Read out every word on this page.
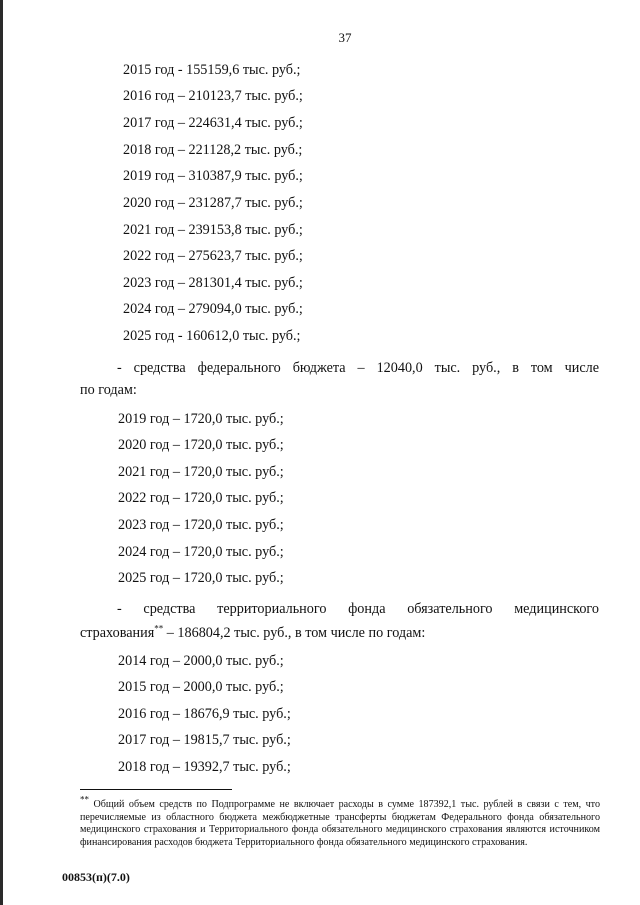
37
2015 год - 155159,6 тыс. руб.;
2016 год – 210123,7 тыс. руб.;
2017 год – 224631,4 тыс. руб.;
2018 год – 221128,2 тыс. руб.;
2019 год – 310387,9 тыс. руб.;
2020 год – 231287,7 тыс. руб.;
2021 год – 239153,8 тыс. руб.;
2022 год – 275623,7 тыс. руб.;
2023 год – 281301,4 тыс. руб.;
2024 год – 279094,0 тыс. руб.;
2025 год - 160612,0 тыс. руб.;
- средства федерального бюджета – 12040,0 тыс. руб., в том числе
по годам:
2019 год – 1720,0 тыс. руб.;
2020 год – 1720,0 тыс. руб.;
2021 год – 1720,0 тыс. руб.;
2022 год – 1720,0 тыс. руб.;
2023 год – 1720,0 тыс. руб.;
2024 год – 1720,0 тыс. руб.;
2025 год – 1720,0 тыс. руб.;
- средства территориального фонда обязательного медицинского
страхования** – 186804,2 тыс. руб., в том числе по годам:
2014 год – 2000,0 тыс. руб.;
2015 год – 2000,0 тыс. руб.;
2016 год – 18676,9 тыс. руб.;
2017 год – 19815,7 тыс. руб.;
2018 год – 19392,7 тыс. руб.;
** Общий объем средств по Подпрограмме не включает расходы в сумме 187392,1 тыс. рублей в связи с тем, что перечисляемые из областного бюджета межбюджетные трансферты бюджетам Федерального фонда обязательного медицинского страхования и Территориального фонда обязательного медицинского страхования являются источником финансирования расходов бюджета Территориального фонда обязательного медицинского страхования.
00853(п)(7.0)
